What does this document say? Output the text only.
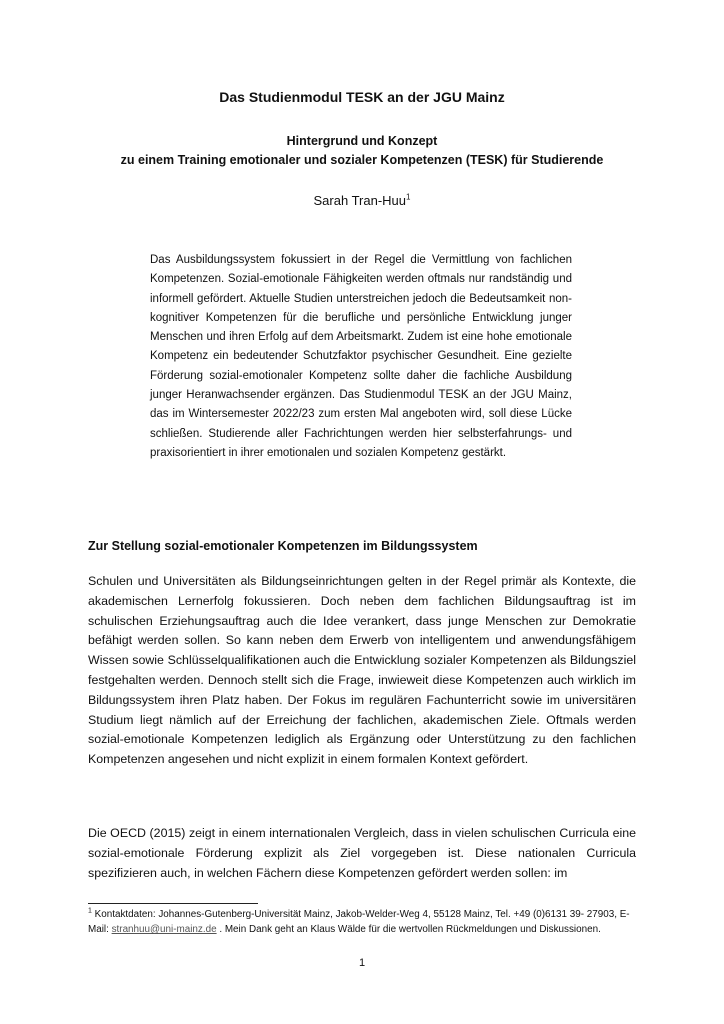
Das Studienmodul TESK an der JGU Mainz
Hintergrund und Konzept
zu einem Training emotionaler und sozialer Kompetenzen (TESK) für Studierende
Sarah Tran-Huu$^1$
Das Ausbildungssystem fokussiert in der Regel die Vermittlung von fachlichen Kompetenzen. Sozial-emotionale Fähigkeiten werden oftmals nur randständig und informell gefördert. Aktuelle Studien unterstreichen jedoch die Bedeutsamkeit non-kognitiver Kompetenzen für die berufliche und persönliche Entwicklung junger Menschen und ihren Erfolg auf dem Arbeitsmarkt. Zudem ist eine hohe emotionale Kompetenz ein bedeutender Schutzfaktor psychischer Gesundheit. Eine gezielte Förderung sozial-emotionaler Kompetenz sollte daher die fachliche Ausbildung junger Heranwachsender ergänzen. Das Studienmodul TESK an der JGU Mainz, das im Wintersemester 2022/23 zum ersten Mal angeboten wird, soll diese Lücke schließen. Studierende aller Fachrichtungen werden hier selbsterfahrungs- und praxisorientiert in ihrer emotionalen und sozialen Kompetenz gestärkt.
Zur Stellung sozial-emotionaler Kompetenzen im Bildungssystem
Schulen und Universitäten als Bildungseinrichtungen gelten in der Regel primär als Kontexte, die akademischen Lernerfolg fokussieren. Doch neben dem fachlichen Bildungsauftrag ist im schulischen Erziehungsauftrag auch die Idee verankert, dass junge Menschen zur Demokratie befähigt werden sollen. So kann neben dem Erwerb von intelligentem und anwendungsfähigem Wissen sowie Schlüsselqualifikationen auch die Entwicklung sozialer Kompetenzen als Bildungsziel festgehalten werden. Dennoch stellt sich die Frage, inwieweit diese Kompetenzen auch wirklich im Bildungssystem ihren Platz haben. Der Fokus im regulären Fachunterricht sowie im universitären Studium liegt nämlich auf der Erreichung der fachlichen, akademischen Ziele. Oftmals werden sozial-emotionale Kompetenzen lediglich als Ergänzung oder Unterstützung zu den fachlichen Kompetenzen angesehen und nicht explizit in einem formalen Kontext gefördert.
Die OECD (2015) zeigt in einem internationalen Vergleich, dass in vielen schulischen Curricula eine sozial-emotionale Förderung explizit als Ziel vorgegeben ist. Diese nationalen Curricula spezifizieren auch, in welchen Fächern diese Kompetenzen gefördert werden sollen: im
$^1$ Kontaktdaten: Johannes-Gutenberg-Universität Mainz, Jakob-Welder-Weg 4, 55128 Mainz, Tel. +49 (0)6131 39- 27903, E-Mail: stranhuu@uni-mainz.de . Mein Dank geht an Klaus Wälde für die wertvollen Rückmeldungen und Diskussionen.
1
